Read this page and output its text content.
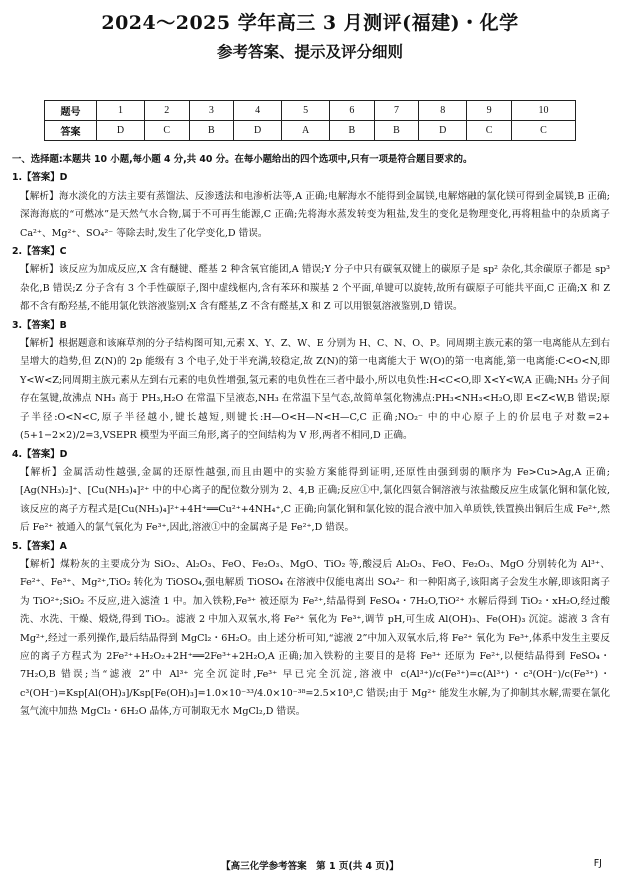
2024～2025 学年高三 3 月测评(福建)・化学
参考答案、提示及评分细则
题号	1	2	3	4	5	6	7	8	9	10
答案	D	C	B	D	A	B	B	D	C	C

一、选择题:本题共 10 小题,每小题 4 分,共 40 分。在每小题给出的四个选项中,只有一项是符合题目要求的。

1.【答案】D

【解析】海水淡化的方法主要有蒸馏法、反渗透法和电渗析法等,A 正确;电解海水不能得到金属镁,电解熔融的氯化镁可得到金属镁,B 正确;深海海底的“可燃冰”是天然气水合物,属于不可再生能源,C 正确;先将海水蒸发转变为粗盐,发生的变化是物理变化,再将粗盐中的杂质离子 Ca²⁺、Mg²⁺、SO₄²⁻ 等除去时,发生了化学变化,D 错误。

2.【答案】C

【解析】该反应为加成反应,X 含有醚键、醛基 2 种含氧官能团,A 错误;Y 分子中只有碳氧双键上的碳原子是 sp² 杂化,其余碳原子都是 sp³ 杂化,B 错误;Z 分子含有 3 个手性碳原子,图中虚线框内,含有苯环和羰基 2 个平面,单键可以旋转,故所有碳原子可能共平面,C 正确;X 和 Z 都不含有酚羟基,不能用氯化铁溶液鉴别;X 含有醛基,Z 不含有醛基,X 和 Z 可以用银氨溶液鉴别,D 错误。

3.【答案】B

【解析】根据题意和该麻草剂的分子结构图可知,元素 X、Y、Z、W、E 分别为 H、C、N、O、P。同周期主族元素的第一电离能从左到右呈增大的趋势,但 Z(N)的 2p 能级有 3 个电子,处于半充满,较稳定,故 Z(N)的第一电离能大于 W(O)的第一电离能,第一电离能:C<O<N,即 Y<W<Z;同周期主族元素从左到右元素的电负性增强,氢元素的电负性在三者中最小,所以电负性:H<C<O,即 X<Y<W,A 正确;NH₃ 分子间存在氢键,故沸点 NH₃ 高于 PH₃,H₂O 在常温下呈液态,NH₃ 在常温下呈气态,故简单氢化物沸点:PH₃<NH₃<H₂O,即 E<Z<W,B 错误;原子半径:O<N<C,原子半径越小,键长越短,则键长:H—O<H—N<H—C,C 正确;NO₂⁻ 中的中心原子上的价层电子对数=2+(5+1−2×2)/2=3,VSEPR 模型为平面三角形,离子的空间结构为 V 形,两者不相同,D 正确。

4.【答案】D

【解析】金属活动性越强,金属的还原性越强,而且由题中的实验方案能得到证明,还原性由强到弱的顺序为 Fe>Cu>Ag,A 正确;[Ag(NH₃)₂]⁺、[Cu(NH₃)₄]²⁺ 中的中心离子的配位数分别为 2、4,B 正确;反应①中,氯化四氨合铜溶液与浓盐酸反应生成氯化铜和氯化铵,该反应的离子方程式是[Cu(NH₃)₄]²⁺+4H⁺══Cu²⁺+4NH₄⁺,C 正确;向氯化铜和氯化铵的混合液中加入单质铁,铁置换出铜后生成 Fe²⁺,然后 Fe²⁺ 被通入的氯气氧化为 Fe³⁺,因此,溶液①中的金属离子是 Fe²⁺,D 错误。

5.【答案】A

【解析】煤粉灰的主要成分为 SiO₂、Al₂O₃、FeO、Fe₂O₃、MgO、TiO₂ 等,酸浸后 Al₂O₃、FeO、Fe₂O₃、MgO 分别转化为 Al³⁺、Fe²⁺、Fe³⁺、Mg²⁺,TiO₂ 转化为 TiOSO₄,强电解质 TiOSO₄ 在溶液中仅能电离出 SO₄²⁻ 和一种阳离子,该阳离子会发生水解,即该阳离子为 TiO²⁺;SiO₂ 不反应,进入滤渣 1 中。加入铁粉,Fe³⁺ 被还原为 Fe²⁺,结晶得到 FeSO₄・7H₂O,TiO²⁺ 水解后得到 TiO₂・xH₂O,经过酸洗、水洗、干燥、煅烧,得到 TiO₂。滤液 2 中加入双氧水,将 Fe²⁺ 氧化为 Fe³⁺,调节 pH,可生成 Al(OH)₃、Fe(OH)₃ 沉淀。滤液 3 含有 Mg²⁺,经过一系列操作,最后结晶得到 MgCl₂・6H₂O。由上述分析可知,“滤液 2”中加入双氧水后,将 Fe²⁺ 氧化为 Fe³⁺,体系中发生主要反应的离子方程式为 2Fe²⁺+H₂O₂+2H⁺══2Fe³⁺+2H₂O,A 正确;加入铁粉的主要目的是将 Fe³⁺ 还原为 Fe²⁺,以便结晶得到 FeSO₄・7H₂O,B 错误;当“滤液 2”中 Al³⁺ 完全沉淀时,Fe³⁺ 早已完全沉淀,溶液中 c(Al³⁺)/c(Fe³⁺)=c(Al³⁺)・c³(OH⁻)/c(Fe³⁺)・c³(OH⁻)=Ksp[Al(OH)₃]/Ksp[Fe(OH)₃]=1.0×10⁻³³/4.0×10⁻³⁸=2.5×10³,C 错误;由于 Mg²⁺ 能发生水解,为了抑制其水解,需要在氯化氢气流中加热 MgCl₂・6H₂O 晶体,方可制取无水 MgCl₂,D 错误。

【高三化学参考答案　第 1 页(共 4 页)】	FJ
